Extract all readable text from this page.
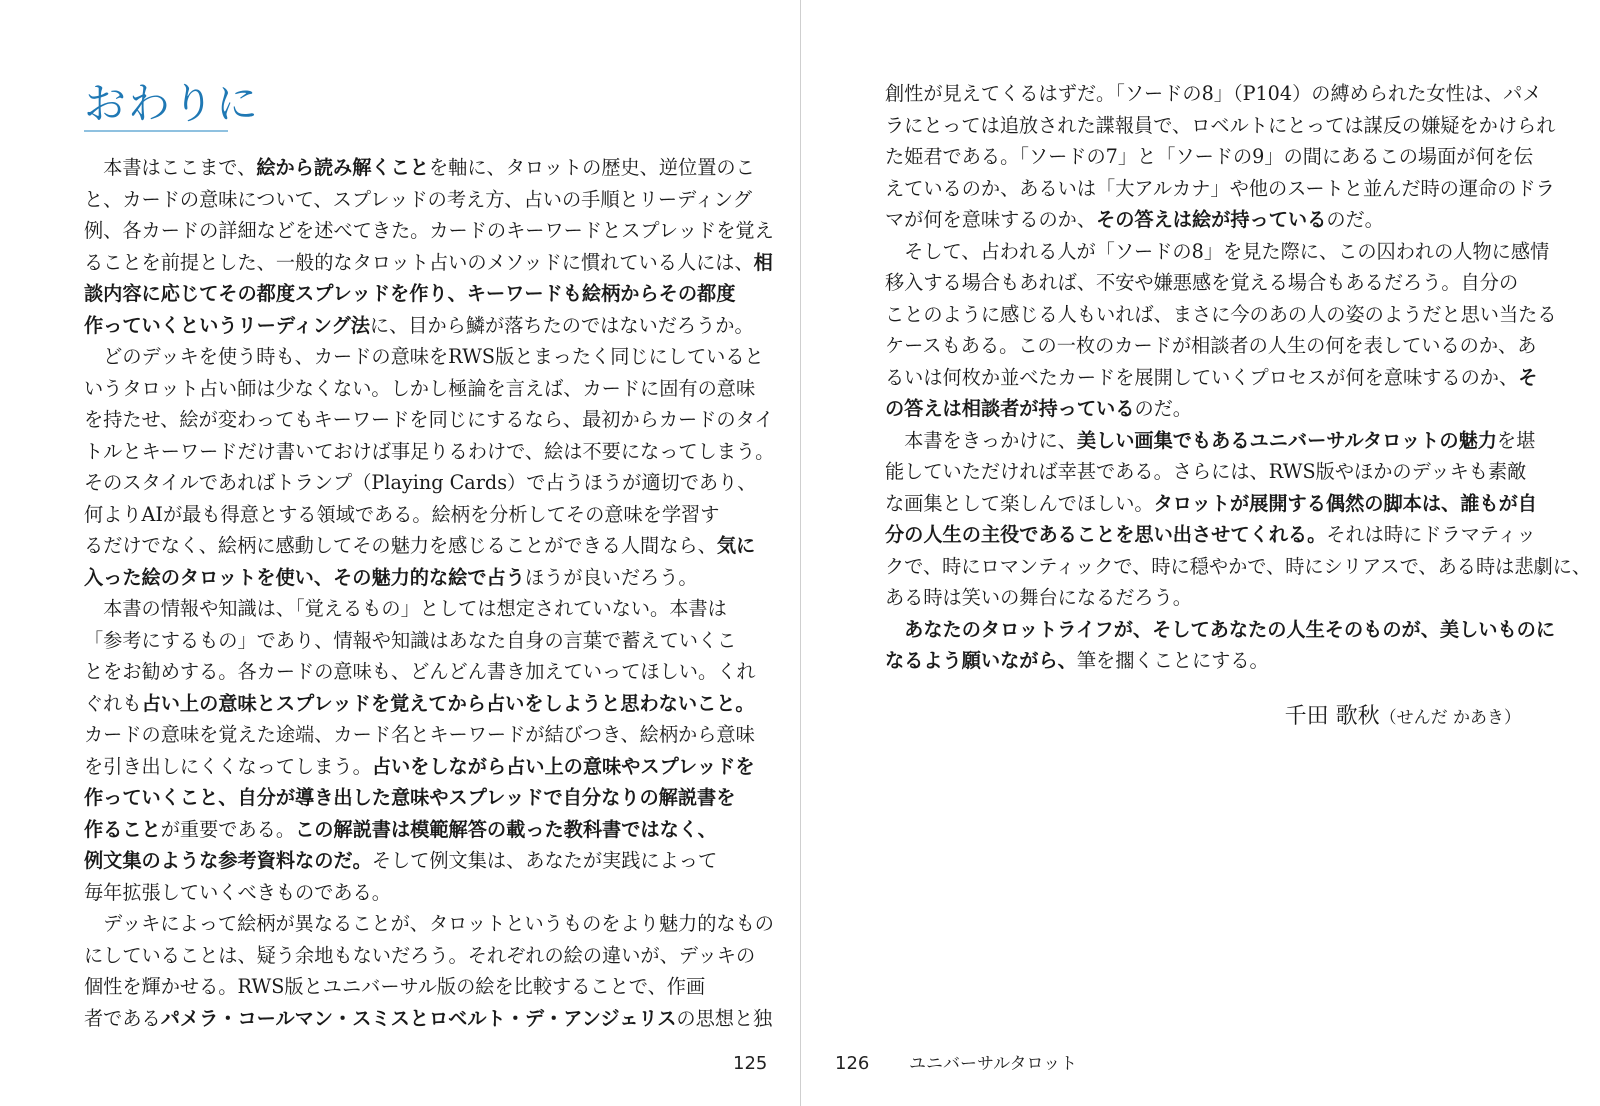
おわりに
　本書はここまで、絵から読み解くことを軸に、タロットの歴史、逆位置のこ
と、カードの意味について、スプレッドの考え方、占いの手順とリーディング
例、各カードの詳細などを述べてきた。カードのキーワードとスプレッドを覚え
ることを前提とした、一般的なタロット占いのメソッドに慣れている人には、相
談内容に応じてその都度スプレッドを作り、キーワードも絵柄からその都度
作っていくというリーディング法に、目から鱗が落ちたのではないだろうか。
　どのデッキを使う時も、カードの意味をRWS版とまったく同じにしていると
いうタロット占い師は少なくない。しかし極論を言えば、カードに固有の意味
を持たせ、絵が変わってもキーワードを同じにするなら、最初からカードのタイ
トルとキーワードだけ書いておけば事足りるわけで、絵は不要になってしまう。
そのスタイルであればトランプ（Playing Cards）で占うほうが適切であり、
何よりAIが最も得意とする領域である。絵柄を分析してその意味を学習す
るだけでなく、絵柄に感動してその魅力を感じることができる人間なら、気に
入った絵のタロットを使い、その魅力的な絵で占うほうが良いだろう。
　本書の情報や知識は、「覚えるもの」としては想定されていない。本書は
「参考にするもの」であり、情報や知識はあなた自身の言葉で蓄えていくこ
とをお勧めする。各カードの意味も、どんどん書き加えていってほしい。くれ
ぐれも占い上の意味とスプレッドを覚えてから占いをしようと思わないこと。
カードの意味を覚えた途端、カード名とキーワードが結びつき、絵柄から意味
を引き出しにくくなってしまう。占いをしながら占い上の意味やスプレッドを
作っていくこと、自分が導き出した意味やスプレッドで自分なりの解説書を
作ることが重要である。この解説書は模範解答の載った教科書ではなく、
例文集のような参考資料なのだ。そして例文集は、あなたが実践によって
毎年拡張していくべきものである。
　デッキによって絵柄が異なることが、タロットというものをより魅力的なもの
にしていることは、疑う余地もないだろう。それぞれの絵の違いが、デッキの
個性を輝かせる。RWS版とユニバーサル版の絵を比較することで、作画
者であるパメラ・コールマン・スミスとロベルト・デ・アンジェリスの思想と独
125
創性が見えてくるはずだ。「ソードの8」（P104）の縛められた女性は、パメ
ラにとっては追放された諜報員で、ロベルトにとっては謀反の嫌疑をかけられ
た姫君である。「ソードの7」と「ソードの9」の間にあるこの場面が何を伝
えているのか、あるいは「大アルカナ」や他のスートと並んだ時の運命のドラ
マが何を意味するのか、その答えは絵が持っているのだ。
　そして、占われる人が「ソードの8」を見た際に、この囚われの人物に感情
移入する場合もあれば、不安や嫌悪感を覚える場合もあるだろう。自分の
ことのように感じる人もいれば、まさに今のあの人の姿のようだと思い当たる
ケースもある。この一枚のカードが相談者の人生の何を表しているのか、あ
るいは何枚か並べたカードを展開していくプロセスが何を意味するのか、そ
の答えは相談者が持っているのだ。
　本書をきっかけに、美しい画集でもあるユニバーサルタロットの魅力を堪
能していただければ幸甚である。さらには、RWS版やほかのデッキも素敵
な画集として楽しんでほしい。タロットが展開する偶然の脚本は、誰もが自
分の人生の主役であることを思い出させてくれる。それは時にドラマティッ
クで、時にロマンティックで、時に穏やかで、時にシリアスで、ある時は悲劇に、
ある時は笑いの舞台になるだろう。
　あなたのタロットライフが、そしてあなたの人生そのものが、美しいものに
なるよう願いながら、筆を擱くことにする。
千田 歌秋（せんだ かあき）
126 ユニバーサルタロット
